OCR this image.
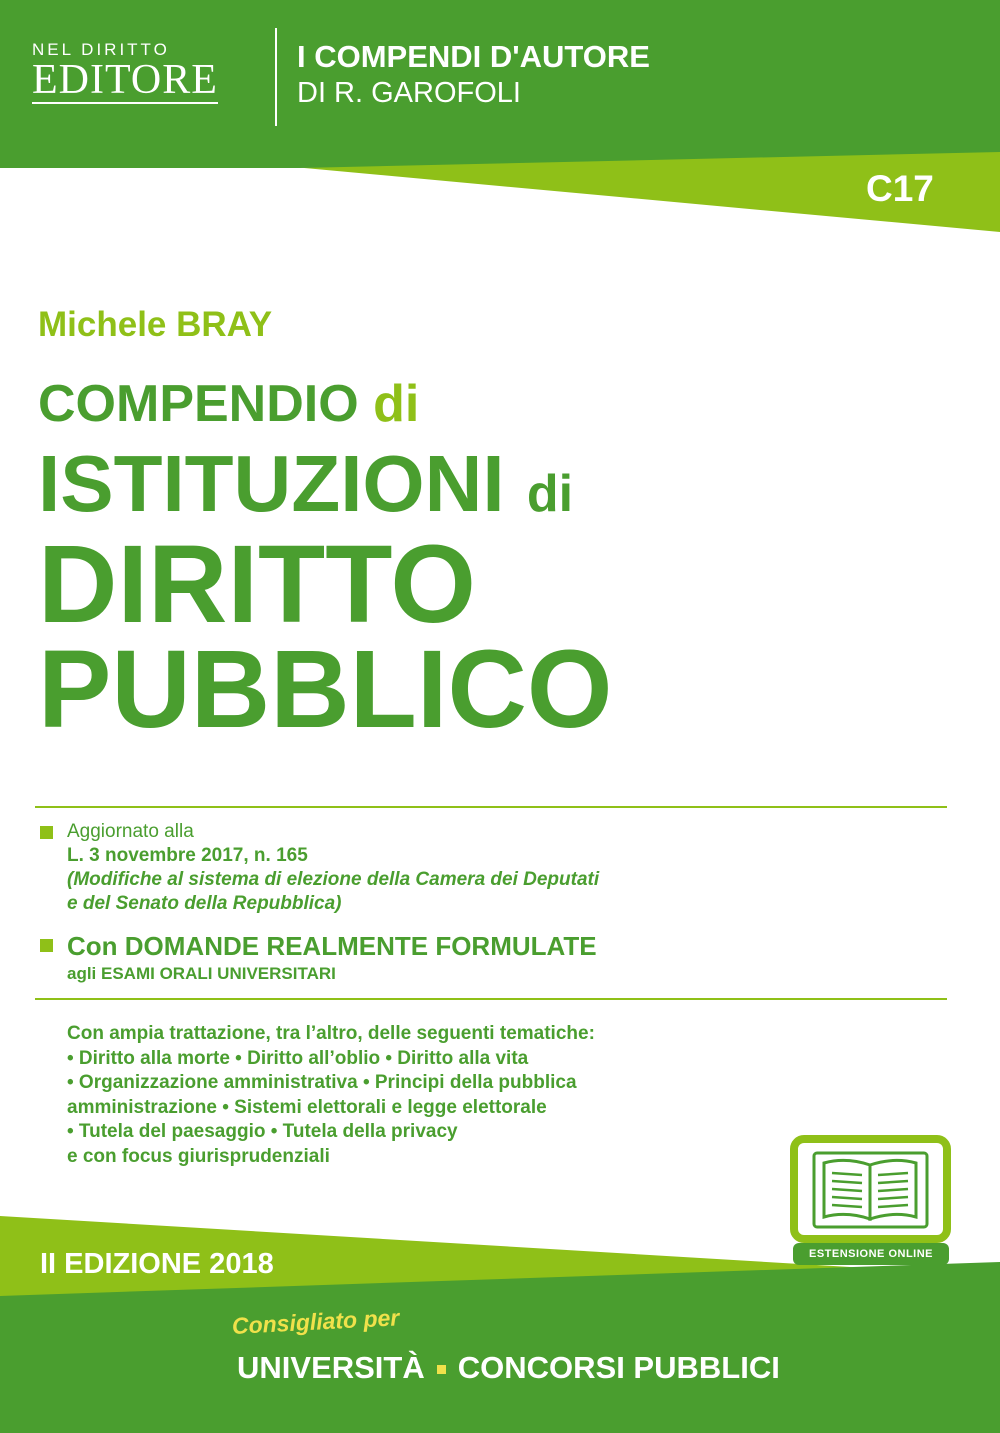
NEL DIRITTO
EDITORE
I COMPENDI D'AUTORE
DI R. GAROFOLI
C17
Michele BRAY
COMPENDIO di
ISTITUZIONI di
DIRITTO
PUBBLICO
Aggiornato alla
L. 3 novembre 2017, n. 165
(Modifiche al sistema di elezione della Camera dei Deputati
e del Senato della Repubblica)
Con DOMANDE REALMENTE FORMULATE
agli ESAMI ORALI UNIVERSITARI
Con ampia trattazione, tra l’altro, delle seguenti tematiche:
• Diritto alla morte • Diritto all’oblio • Diritto alla vita
• Organizzazione amministrativa • Principi della pubblica
amministrazione • Sistemi elettorali e legge elettorale
• Tutela del paesaggio • Tutela della privacy
e con focus giurisprudenziali
ESTENSIONE ONLINE
II EDIZIONE 2018
Consigliato per
UNIVERSITÀ CONCORSI PUBBLICI
